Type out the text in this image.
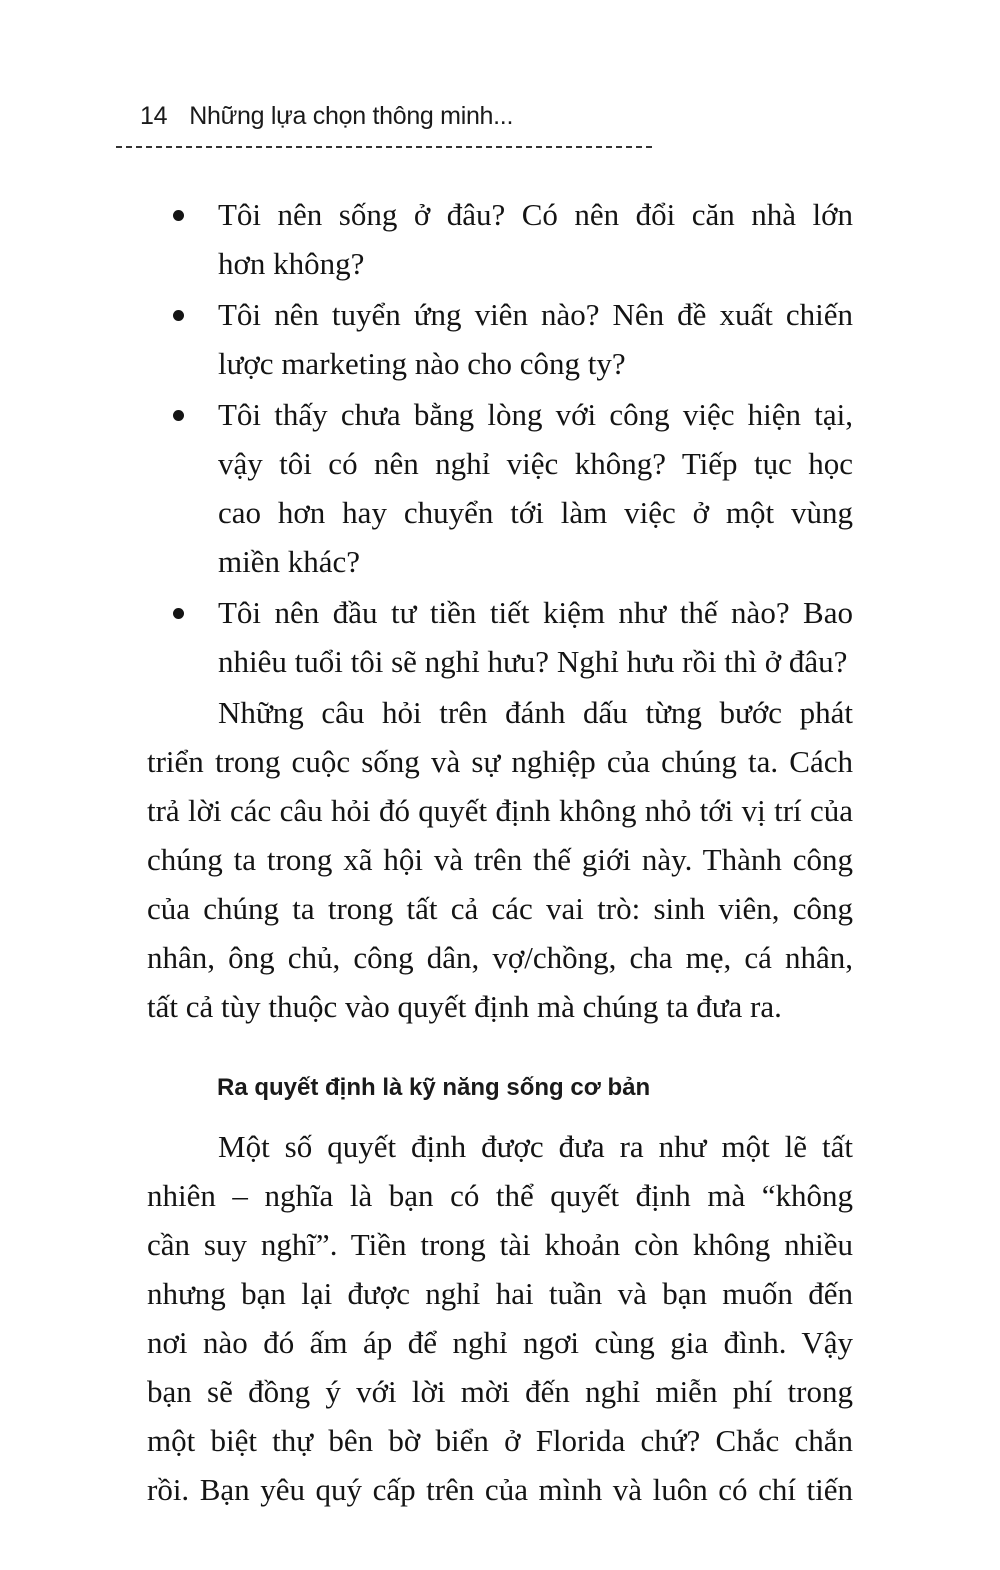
14 Những lựa chọn thông minh...
Tôi nên sống ở đâu? Có nên đổi căn nhà lớn
hơn không?
Tôi nên tuyển ứng viên nào? Nên đề xuất chiến
lược marketing nào cho công ty?
Tôi thấy chưa bằng lòng với công việc hiện tại,
vậy tôi có nên nghỉ việc không? Tiếp tục học
cao hơn hay chuyển tới làm việc ở một vùng
miền khác?
Tôi nên đầu tư tiền tiết kiệm như thế nào? Bao
nhiêu tuổi tôi sẽ nghỉ hưu? Nghỉ hưu rồi thì ở đâu?
Những câu hỏi trên đánh dấu từng bước phát
triển trong cuộc sống và sự nghiệp của chúng ta. Cách
trả lời các câu hỏi đó quyết định không nhỏ tới vị trí của
chúng ta trong xã hội và trên thế giới này. Thành công
của chúng ta trong tất cả các vai trò: sinh viên, công
nhân, ông chủ, công dân, vợ/chồng, cha mẹ, cá nhân,
tất cả tùy thuộc vào quyết định mà chúng ta đưa ra.
Ra quyết định là kỹ năng sống cơ bản
Một số quyết định được đưa ra như một lẽ tất
nhiên – nghĩa là bạn có thể quyết định mà “không
cần suy nghĩ”. Tiền trong tài khoản còn không nhiều
nhưng bạn lại được nghỉ hai tuần và bạn muốn đến
nơi nào đó ấm áp để nghỉ ngơi cùng gia đình. Vậy
bạn sẽ đồng ý với lời mời đến nghỉ miễn phí trong
một biệt thự bên bờ biển ở Florida chứ? Chắc chắn
rồi. Bạn yêu quý cấp trên của mình và luôn có chí tiến
